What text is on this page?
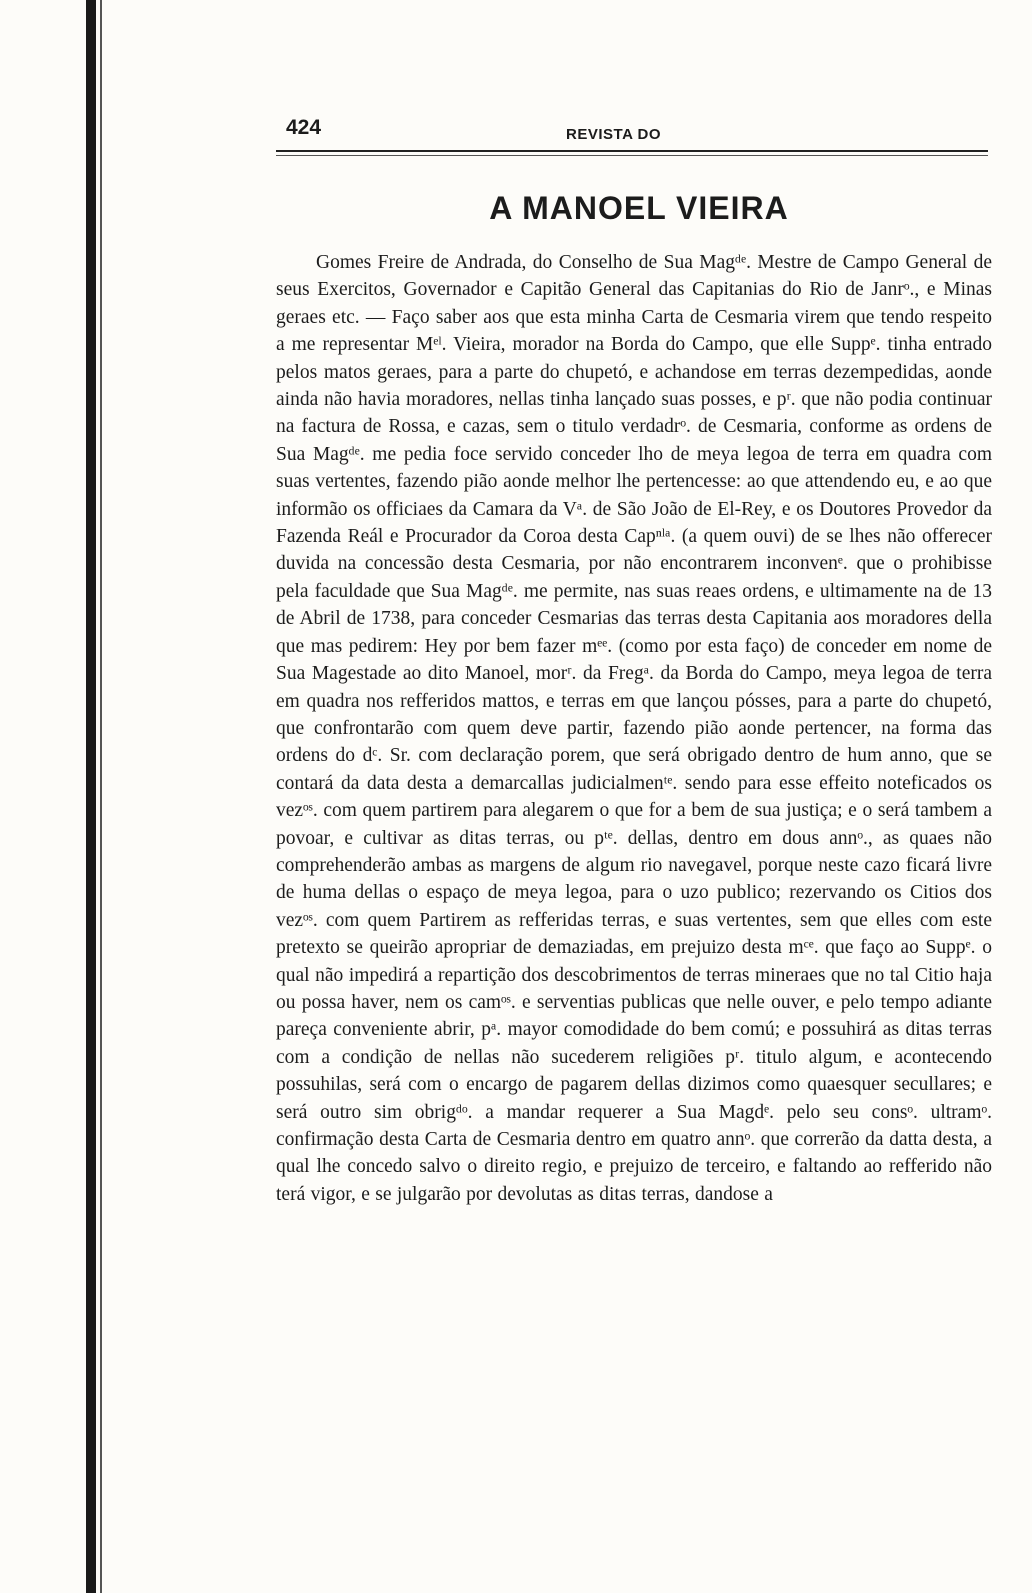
424	REVISTA DO
A MANOEL VIEIRA

Gomes Freire de Andrada, do Conselho de Sua Magᵈᵉ. Mestre de Campo General de seus Exercitos, Governador e Capitão General das Capitanias do Rio de Janrᵒ., e Minas geraes etc. — Faço saber aos que esta minha Carta de Cesmaria virem que tendo respeito a me representar Mᵉˡ. Vieira, morador na Borda do Campo, que elle Suppᵉ. tinha entrado pelos matos geraes, para a parte do chupetó, e achandose em terras dezempedidas, aonde ainda não havia moradores, nellas tinha lançado suas posses, e pʳ. que não podia continuar na factura de Rossa, e cazas, sem o titulo verdadrᵒ. de Cesmaria, conforme as ordens de Sua Magᵈᵉ. me pedia foce servido conceder lho de meya legoa de terra em quadra com suas vertentes, fazendo pião aonde melhor lhe pertencesse: ao que attendendo eu, e ao que informão os officiaes da Camara da Vᵃ. de São João de El-Rey, e os Doutores Provedor da Fazenda Reál e Procurador da Coroa desta Capⁿˡᵃ. (a quem ouvi) de se lhes não offerecer duvida na concessão desta Cesmaria, por não encontrarem inconvenᵉ. que o prohibisse pela faculdade que Sua Magᵈᵉ. me permite, nas suas reaes ordens, e ultimamente na de 13 de Abril de 1738, para conceder Cesmarias das terras desta Capitania aos moradores della que mas pedirem: Hey por bem fazer mᵉᵉ. (como por esta faço) de conceder em nome de Sua Magestade ao dito Manoel, morʳ. da Fregᵃ. da Borda do Campo, meya legoa de terra em quadra nos refferidos mattos, e terras em que lançou pósses, para a parte do chupetó, que confrontarão com quem deve partir, fazendo pião aonde pertencer, na forma das ordens do dᶜ. Sr. com declaração porem, que será obrigado dentro de hum anno, que se contará da data desta a demarcallas judicialmenᵗᵉ. sendo para esse effeito noteficados os vezᵒˢ. com quem partirem para alegarem o que for a bem de sua justiça; e o será tambem a povoar, e cultivar as ditas terras, ou pᵗᵉ. dellas, dentro em dous annᵒ., as quaes não comprehenderão ambas as margens de algum rio navegavel, porque neste cazo ficará livre de huma dellas o espaço de meya legoa, para o uzo publico; rezervando os Citios dos vezᵒˢ. com quem Partirem as refferidas terras, e suas vertentes, sem que elles com este pretexto se queirão apropriar de demaziadas, em prejuizo desta mᶜᵉ. que faço ao Suppᵉ. o qual não impedirá a repartição dos descobrimentos de terras mineraes que no tal Citio haja ou possa haver, nem os camᵒˢ. e serventias publicas que nelle ouver, e pelo tempo adiante pareça conveniente abrir, pᵃ. mayor comodidade do bem comú; e possuhirá as ditas terras com a condição de nellas não sucederem religiões pʳ. titulo algum, e acontecendo possuhilas, será com o encargo de pagarem dellas dizimos como quaesquer secullares; e será outro sim obrigᵈᵒ. a mandar requerer a Sua Magdᵉ. pelo seu consᵒ. ultramᵒ. confirmação desta Carta de Cesmaria dentro em quatro annᵒ. que correrão da datta desta, a qual lhe concedo salvo o direito regio, e prejuizo de terceiro, e faltando ao refferido não terá vigor, e se julgarão por devolutas as ditas terras, dandose a
